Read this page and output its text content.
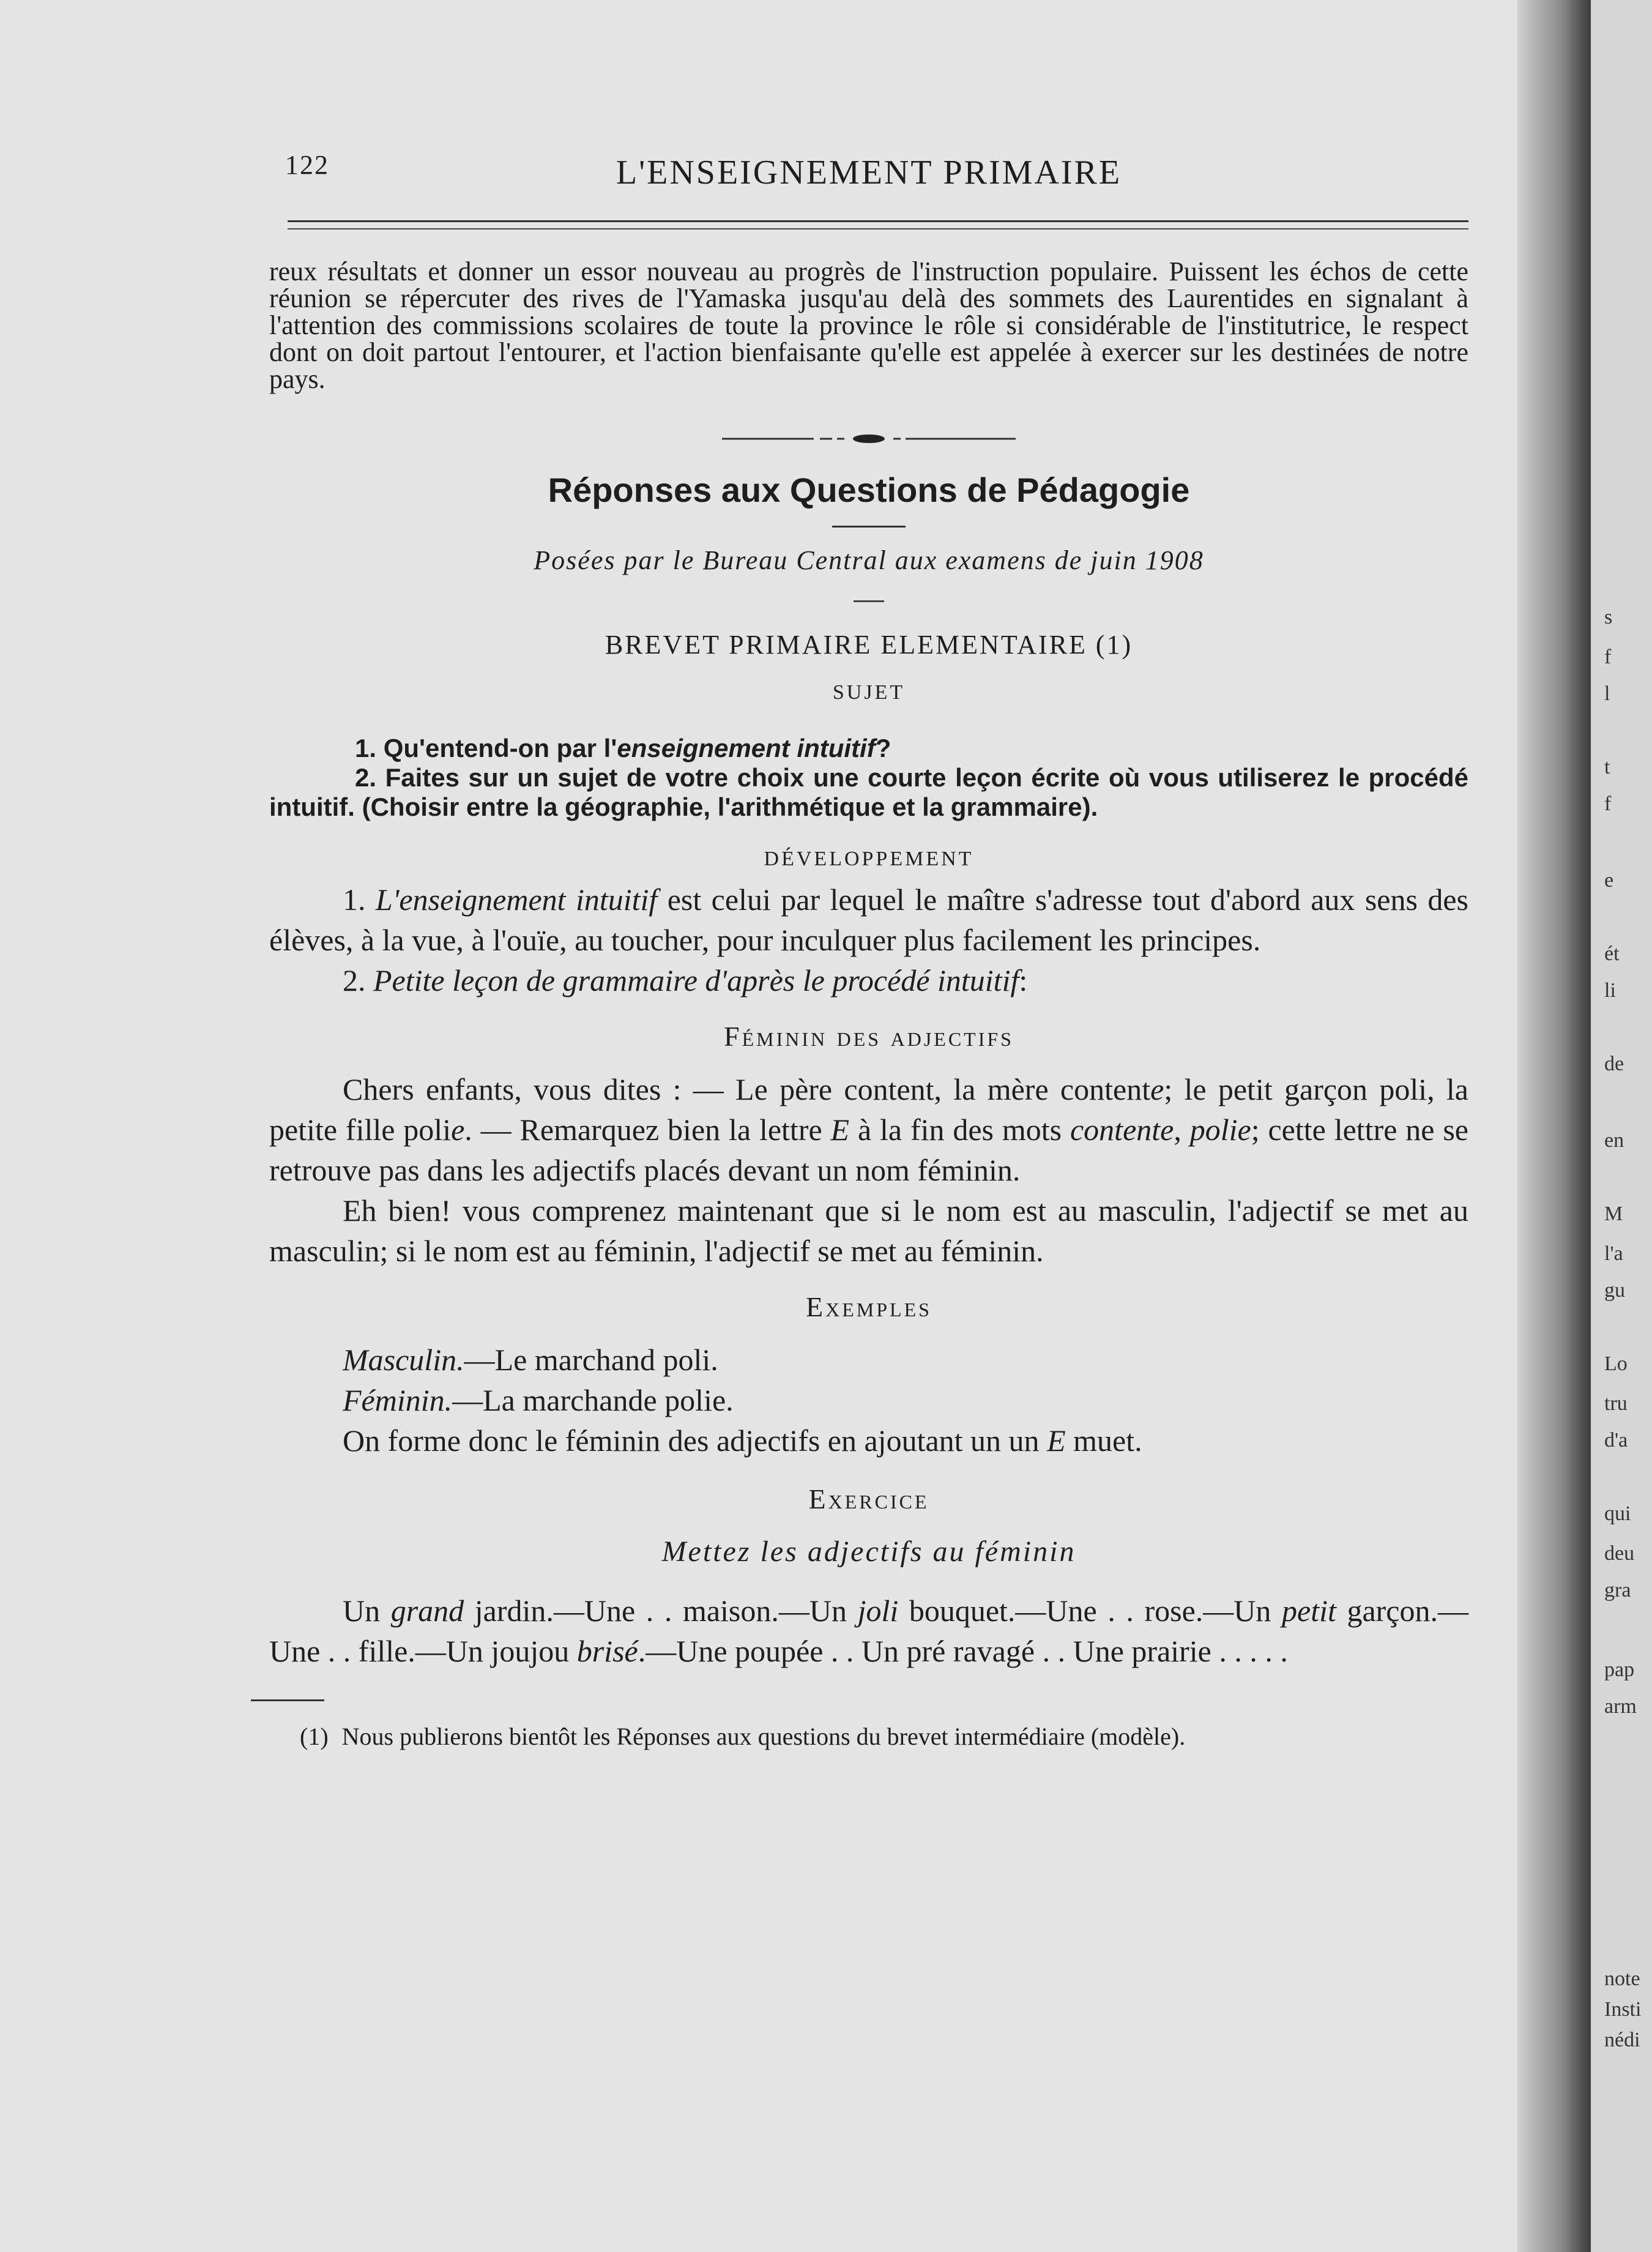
122	L'ENSEIGNEMENT PRIMAIRE
reux résultats et donner un essor nouveau au progrès de l'instruction populaire. Puissent les échos de cette réunion se répercuter des rives de l'Yamaska jusqu'au delà des sommets des Laurentides en signalant à l'attention des commissions scolaires de toute la province le rôle si considérable de l'institutrice, le respect dont on doit partout l'entourer, et l'action bienfaisante qu'elle est appelée à exercer sur les destinées de notre pays.
Réponses aux Questions de Pédagogie
Posées par le Bureau Central aux examens de juin 1908
BREVET PRIMAIRE ELEMENTAIRE (1)
SUJET

1. Qu'entend-on par l'enseignement intuitif?

2. Faites sur un sujet de votre choix une courte leçon écrite où vous utiliserez le procédé intuitif. (Choisir entre la géographie, l'arithmétique et la grammaire).

DÉVELOPPEMENT

1. L'enseignement intuitif est celui par lequel le maître s'adresse tout d'abord aux sens des élèves, à la vue, à l'ouïe, au toucher, pour inculquer plus facilement les principes.

2. Petite leçon de grammaire d'après le procédé intuitif:

Féminin des adjectifs

Chers enfants, vous dites : — Le père content, la mère contente; le petit garçon poli, la petite fille polie. — Remarquez bien la lettre E à la fin des mots contente, polie; cette lettre ne se retrouve pas dans les adjectifs placés devant un nom féminin.

Eh bien! vous comprenez maintenant que si le nom est au masculin, l'adjectif se met au masculin; si le nom est au féminin, l'adjectif se met au féminin.

Exemples

Masculin.—Le marchand poli.

Féminin.—La marchande polie.

On forme donc le féminin des adjectifs en ajoutant un un E muet.

Exercice
Mettez les adjectifs au féminin

Un grand jardin.—Une . . maison.—Un joli bouquet.—Une . . rose.—Un petit garçon.—Une . . fille.—Un joujou brisé.—Une poupée . . Un pré ravagé . . Une prairie . . . . .

(1) Nous publierons bientôt les Réponses aux questions du brevet intermédiaire (modèle).
s
f
l
t
f
e
ét
li
de
en
M
l'a
gu
Lo
tru
d'a
qui
deu
gra
pap
arm
note
Insti
nédi
